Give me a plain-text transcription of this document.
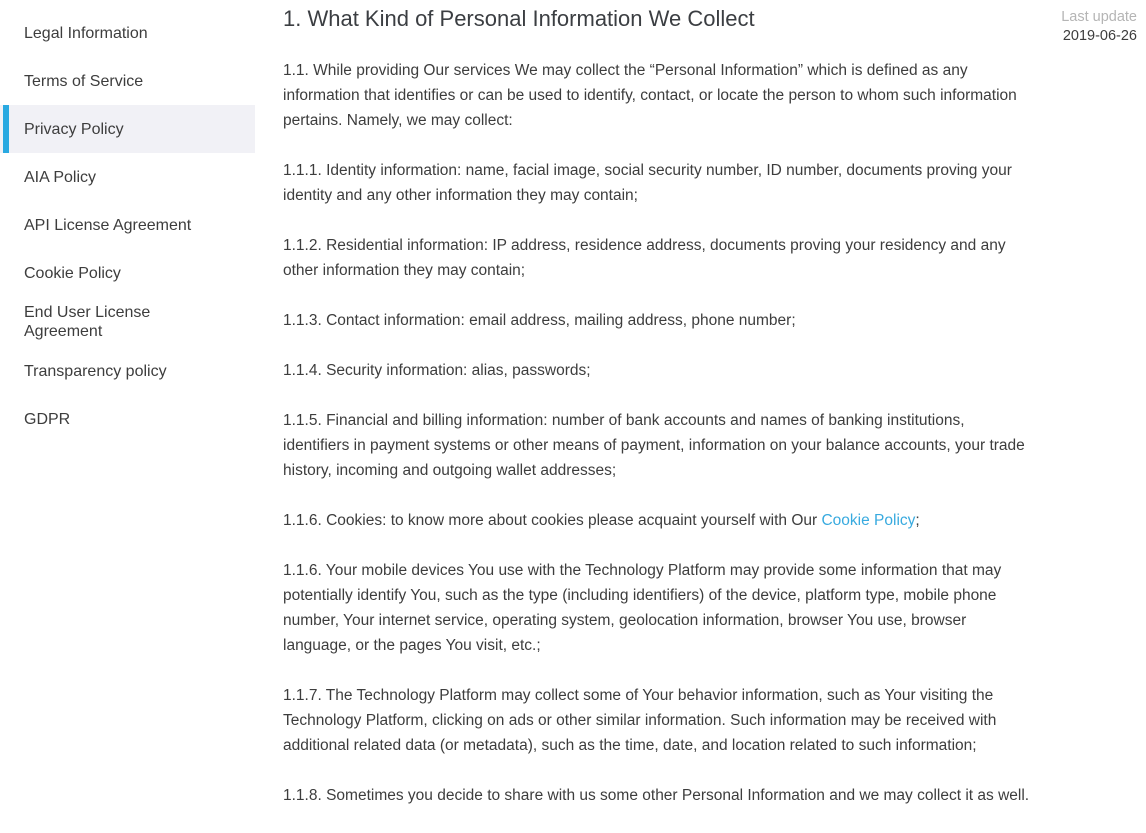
Legal Information
Terms of Service
Privacy Policy
AIA Policy
API License Agreement
Cookie Policy
End User License Agreement
Transparency policy
GDPR
1. What Kind of Personal Information We Collect

1.1. While providing Our services We may collect the “Personal Information” which is defined as any information that identifies or can be used to identify, contact, or locate the person to whom such information pertains. Namely, we may collect:

1.1.1. Identity information: name, facial image, social security number, ID number, documents proving your identity and any other information they may contain;

1.1.2. Residential information: IP address, residence address, documents proving your residency and any other information they may contain;

1.1.3. Contact information: email address, mailing address, phone number;

1.1.4. Security information: alias, passwords;

1.1.5. Financial and billing information: number of bank accounts and names of banking institutions, identifiers in payment systems or other means of payment, information on your balance accounts, your trade history, incoming and outgoing wallet addresses;

1.1.6. Cookies: to know more about cookies please acquaint yourself with Our Cookie Policy;

1.1.6. Your mobile devices You use with the Technology Platform may provide some information that may potentially identify You, such as the type (including identifiers) of the device, platform type, mobile phone number, Your internet service, operating system, geolocation information, browser You use, browser language, or the pages You visit, etc.;

1.1.7. The Technology Platform may collect some of Your behavior information, such as Your visiting the Technology Platform, clicking on ads or other similar information. Such information may be received with additional related data (or metadata), such as the time, date, and location related to such information;

1.1.8. Sometimes you decide to share with us some other Personal Information and we may collect it as well.

Last update
2019-06-26
